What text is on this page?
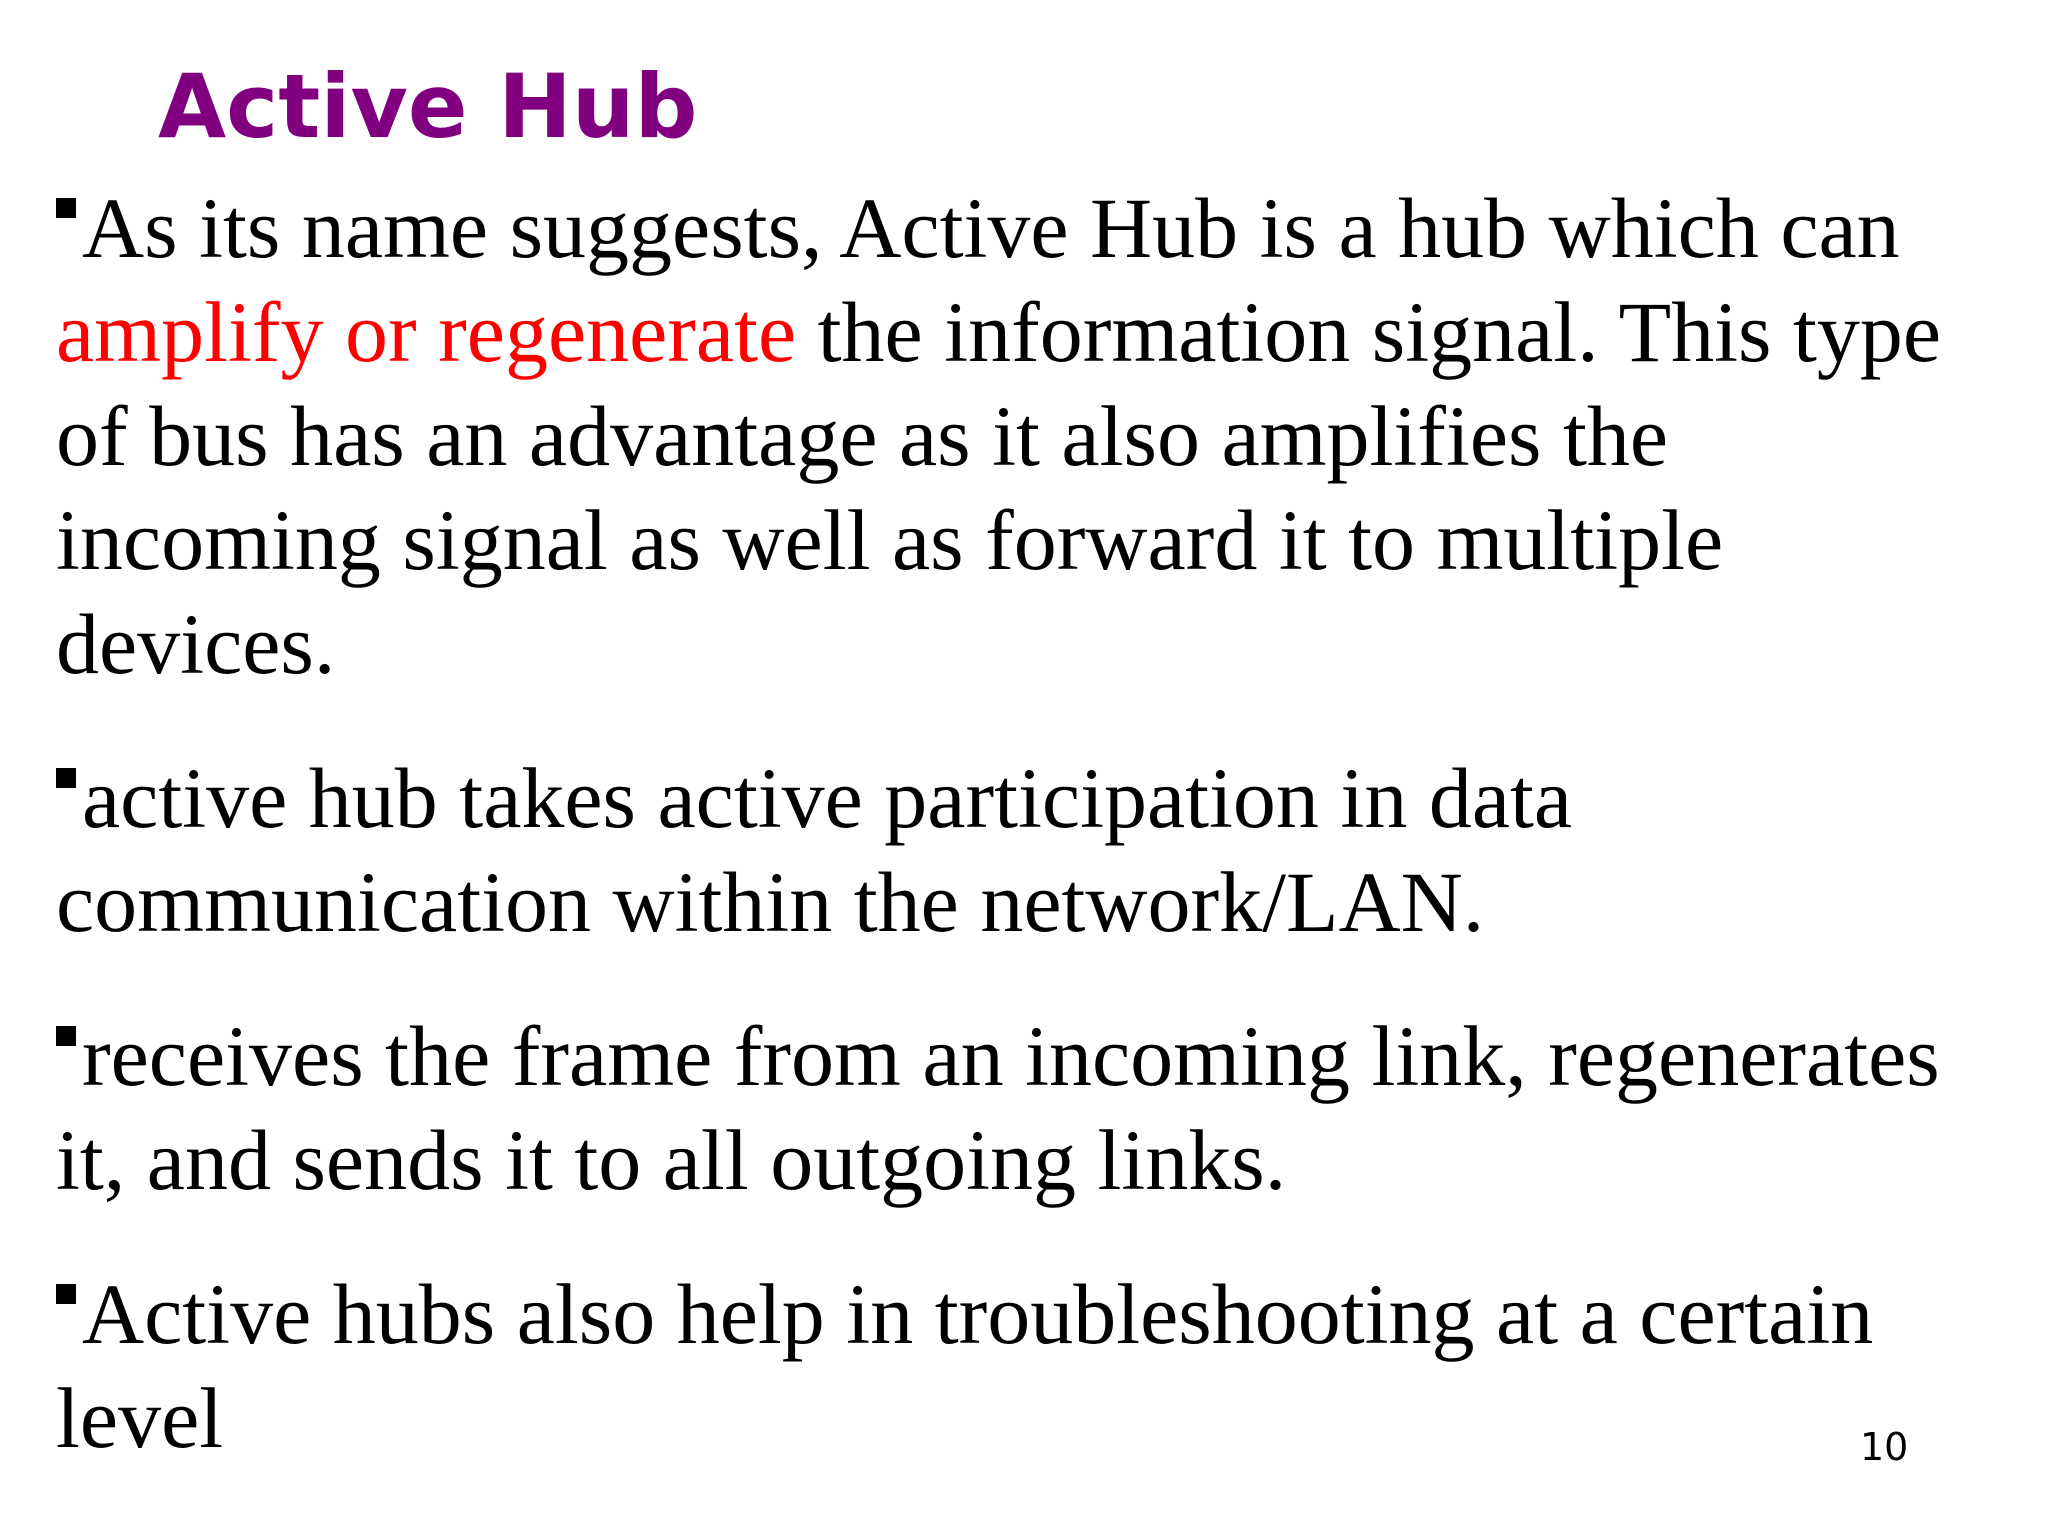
Active Hub

As its name suggests, Active Hub is a hub which can

amplify or regenerate the information signal. This type

of bus has an advantage as it also amplifies the

incoming signal as well as forward it to multiple

devices.

active hub takes active participation in data

communication within the network/LAN.

receives the frame from an incoming link, regenerates

it, and sends it to all outgoing links.

Active hubs also help in troubleshooting at a certain

level	10
